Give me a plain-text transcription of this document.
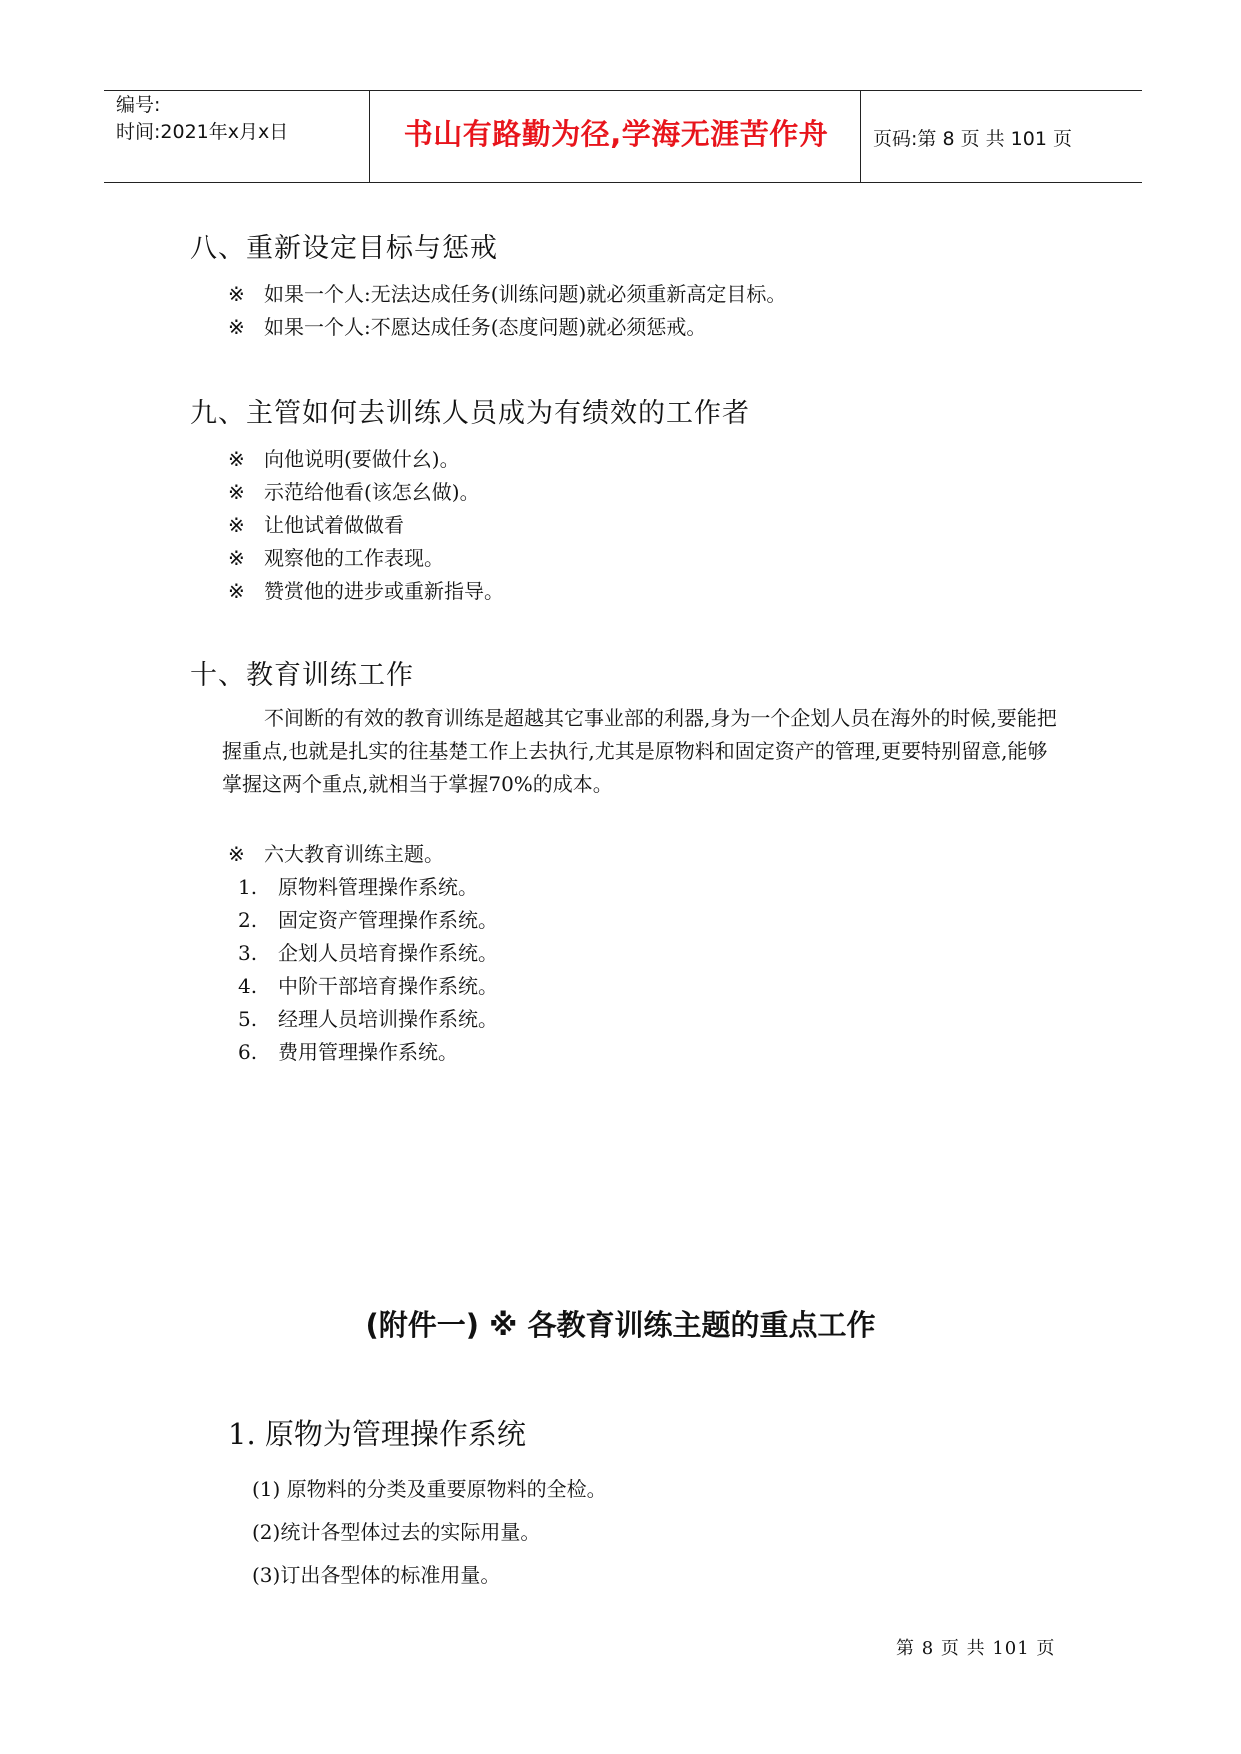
编号:
时间:2021年x月x日	书山有路勤为径,学海无涯苦作舟	页码:第 8 页 共 101 页
八、重新设定目标与惩戒
※ 如果一个人:无法达成任务(训练问题)就必须重新高定目标。
※ 如果一个人:不愿达成任务(态度问题)就必须惩戒。
九、主管如何去训练人员成为有绩效的工作者
※ 向他说明(要做什幺)。
※ 示范给他看(该怎幺做)。
※ 让他试着做做看
※ 观察他的工作表现。
※ 赞赏他的进步或重新指导。
十、教育训练工作
不间断的有效的教育训练是超越其它事业部的利器,身为一个企划人员在海外的时候,要能把握重点,也就是扎实的往基楚工作上去执行,尤其是原物料和固定资产的管理,更要特别留意,能够掌握这两个重点,就相当于掌握70%的成本。
※ 六大教育训练主题。
1. 原物料管理操作系统。
2. 固定资产管理操作系统。
3. 企划人员培育操作系统。
4. 中阶干部培育操作系统。
5. 经理人员培训操作系统。
6. 费用管理操作系统。
(附件一) ※ 各教育训练主题的重点工作
1. 原物为管理操作系统
(1) 原物料的分类及重要原物料的全检。
(2)统计各型体过去的实际用量。
(3)订出各型体的标准用量。
第 8 页 共 101 页
